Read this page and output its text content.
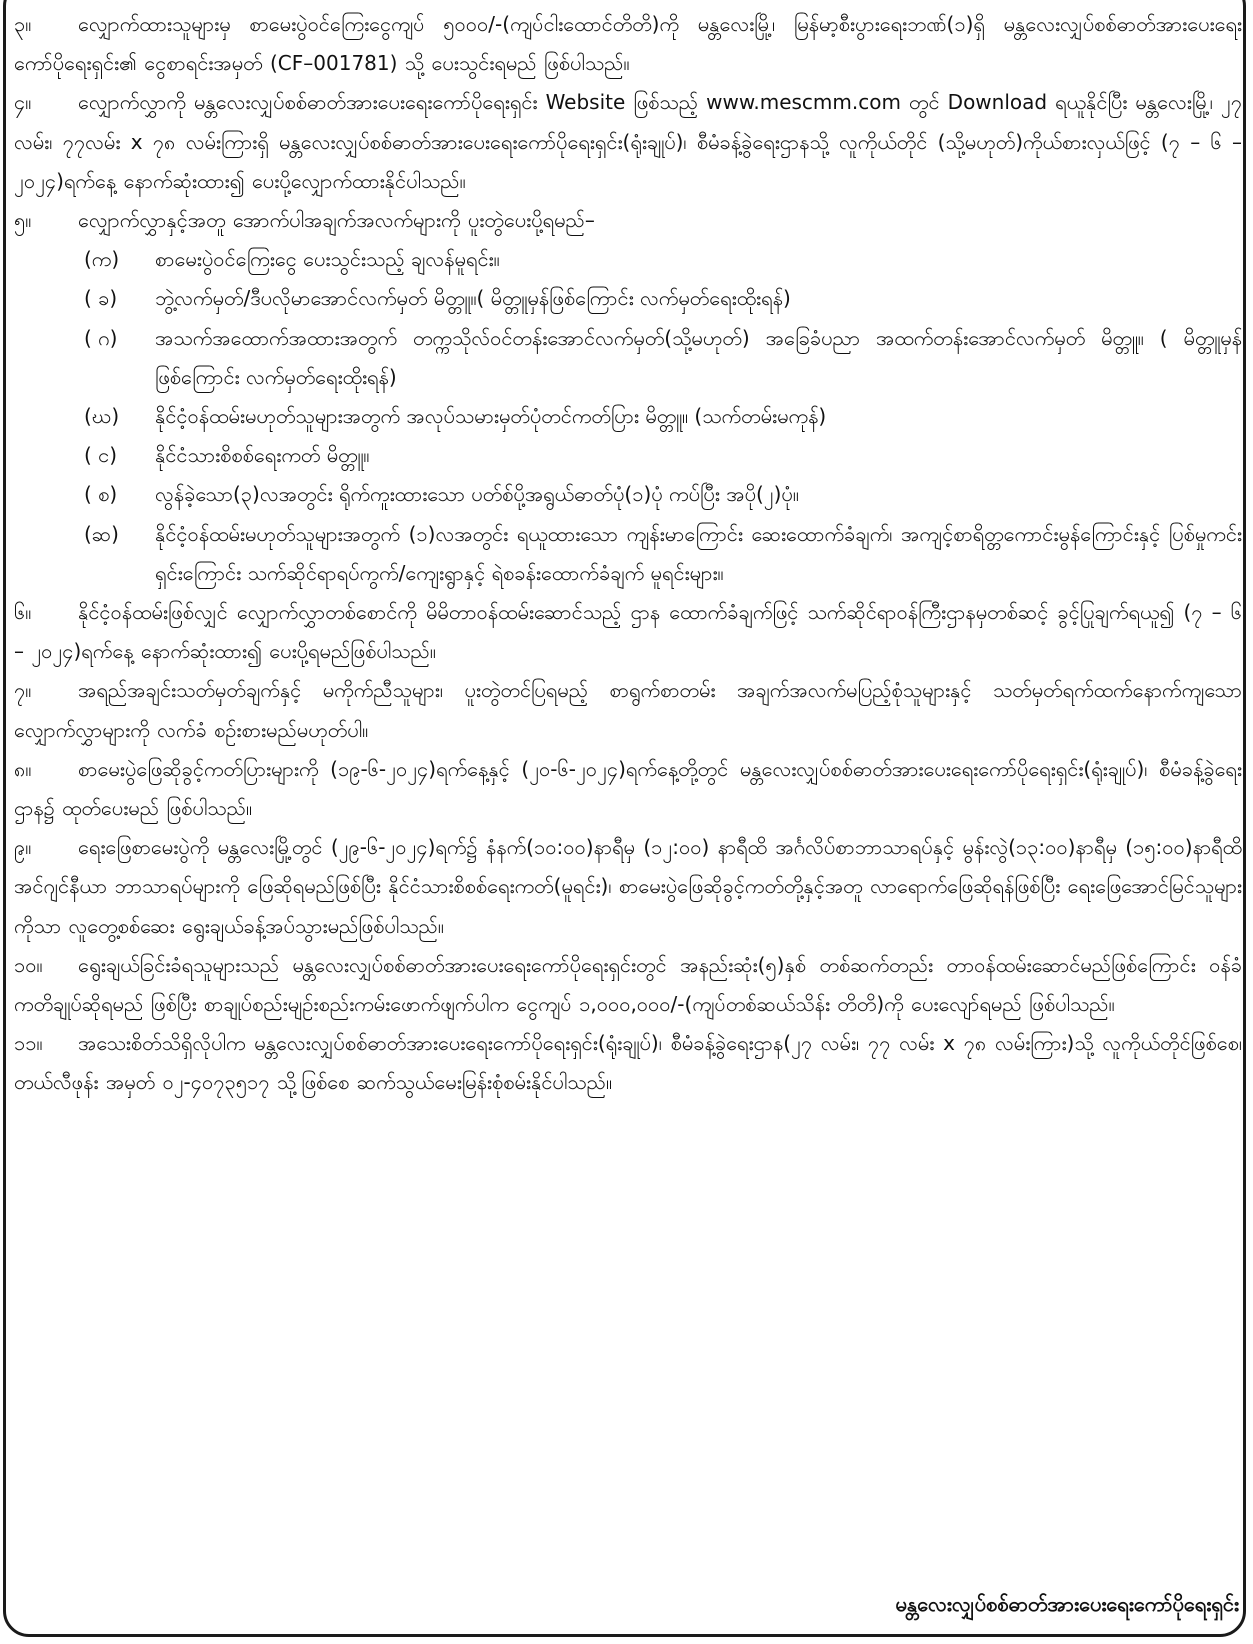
၃။ လျှောက်ထားသူများမှ စာမေးပွဲဝင်ကြေးငွေကျပ် ၅၀၀၀/-(ကျပ်ငါးထောင်တိတိ)ကို မန္တလေးမြို့၊ မြန်မာ့စီးပွားရေးဘဏ်(၁)ရှိ မန္တလေးလျှပ်စစ်ဓာတ်အားပေးရေးကော်ပိုရေးရှင်း၏ ငွေစာရင်းအမှတ် (CF–001781) သို့ ပေးသွင်းရမည် ဖြစ်ပါသည်။

၄။ လျှောက်လွှာကို မန္တလေးလျှပ်စစ်ဓာတ်အားပေးရေးကော်ပိုရေးရှင်း Website ဖြစ်သည့် www.mescmm.com တွင် Download ရယူနိုင်ပြီး မန္တလေးမြို့၊ ၂၇ လမ်း၊ ၇၇လမ်း x ၇၈ လမ်းကြားရှိ မန္တလေးလျှပ်စစ်ဓာတ်အားပေးရေးကော်ပိုရေးရှင်း(ရုံးချုပ်)၊ စီမံခန့်ခွဲရေးဌာနသို့ လူကိုယ်တိုင် (သို့မဟုတ်)ကိုယ်စားလှယ်ဖြင့် (၇ – ၆ – ၂၀၂၄)ရက်နေ့ နောက်ဆုံးထား၍ ပေးပို့လျှောက်ထားနိုင်ပါသည်။

၅။ လျှောက်လွှာနှင့်အတူ အောက်ပါအချက်အလက်များကို ပူးတွဲပေးပို့ရမည်–

(က) စာမေးပွဲဝင်ကြေးငွေ ပေးသွင်းသည့် ချလန်မူရင်း။

( ခ) ဘွဲ့လက်မှတ်/ဒီပလိုမာအောင်လက်မှတ် မိတ္တူ။( မိတ္တူမှန်ဖြစ်ကြောင်း လက်မှတ်ရေးထိုးရန်)

( ဂ) အသက်အထောက်အထားအတွက် တက္ကသိုလ်ဝင်တန်းအောင်လက်မှတ်(သို့မဟုတ်) အခြေခံပညာ အထက်တန်းအောင်လက်မှတ် မိတ္တူ။ ( မိတ္တူမှန်ဖြစ်ကြောင်း လက်မှတ်ရေးထိုးရန်)

(ဃ) နိုင်ငံ့ဝန်ထမ်းမဟုတ်သူများအတွက် အလုပ်သမားမှတ်ပုံတင်ကတ်ပြား မိတ္တူ။ (သက်တမ်းမကုန်)

( င) နိုင်ငံသားစိစစ်ရေးကတ် မိတ္တူ။

( စ) လွန်ခဲ့သော(၃)လအတွင်း ရိုက်ကူးထားသော ပတ်စ်ပို့အရွယ်ဓာတ်ပုံ(၁)ပုံ ကပ်ပြီး အပို(၂)ပုံ။

(ဆ) နိုင်ငံ့ဝန်ထမ်းမဟုတ်သူများအတွက် (၁)လအတွင်း ရယူထားသော ကျန်းမာကြောင်း ဆေးထောက်ခံချက်၊ အကျင့်စာရိတ္တကောင်းမွန်ကြောင်းနှင့် ပြစ်မှုကင်းရှင်းကြောင်း သက်ဆိုင်ရာရပ်ကွက်/ကျေးရွာနှင့် ရဲစခန်းထောက်ခံချက် မူရင်းများ။

၆။ နိုင်ငံ့ဝန်ထမ်းဖြစ်လျှင် လျှောက်လွှာတစ်စောင်ကို မိမိတာဝန်ထမ်းဆောင်သည့် ဌာန ထောက်ခံချက်ဖြင့် သက်ဆိုင်ရာဝန်ကြီးဌာနမှတစ်ဆင့် ခွင့်ပြုချက်ရယူ၍ (၇ – ၆ – ၂၀၂၄)ရက်နေ့ နောက်ဆုံးထား၍ ပေးပို့ရမည်ဖြစ်ပါသည်။

၇။ အရည်အချင်းသတ်မှတ်ချက်နှင့် မကိုက်ညီသူများ၊ ပူးတွဲတင်ပြရမည့် စာရွက်စာတမ်း အချက်အလက်မပြည့်စုံသူများနှင့် သတ်မှတ်ရက်ထက်နောက်ကျသော လျှောက်လွှာများကို လက်ခံ စဉ်းစားမည်မဟုတ်ပါ။

၈။ စာမေးပွဲဖြေဆိုခွင့်ကတ်ပြားများကို (၁၉-၆-၂၀၂၄)ရက်နေ့နှင့် (၂၀-၆-၂၀၂၄)ရက်နေ့တို့တွင် မန္တလေးလျှပ်စစ်ဓာတ်အားပေးရေးကော်ပိုရေးရှင်း(ရုံးချုပ်)၊ စီမံခန့်ခွဲရေးဌာန၌ ထုတ်ပေးမည် ဖြစ်ပါသည်။

၉။ ရေးဖြေစာမေးပွဲကို မန္တလေးမြို့တွင် (၂၉-၆-၂၀၂၄)ရက်၌ နံနက်(၁၀:၀၀)နာရီမှ (၁၂:၀၀) နာရီထိ အင်္ဂလိပ်စာဘာသာရပ်နှင့် မွန်းလွဲ(၁၃:၀၀)နာရီမှ (၁၅:၀၀)နာရီထိ အင်ဂျင်နီယာ ဘာသာရပ်များကို ဖြေဆိုရမည်ဖြစ်ပြီး နိုင်ငံသားစိစစ်ရေးကတ်(မူရင်း)၊ စာမေးပွဲဖြေဆိုခွင့်ကတ်တို့နှင့်အတူ လာရောက်ဖြေဆိုရန်ဖြစ်ပြီး ရေးဖြေအောင်မြင်သူများကိုသာ လူတွေ့စစ်ဆေး ရွေးချယ်ခန့်အပ်သွားမည်ဖြစ်ပါသည်။

၁၀။ ရွေးချယ်ခြင်းခံရသူများသည် မန္တလေးလျှပ်စစ်ဓာတ်အားပေးရေးကော်ပိုရေးရှင်းတွင် အနည်းဆုံး(၅)နှစ် တစ်ဆက်တည်း တာဝန်ထမ်းဆောင်မည်ဖြစ်ကြောင်း ဝန်ခံကတိချုပ်ဆိုရမည် ဖြစ်ပြီး စာချုပ်စည်းမျဉ်းစည်းကမ်းဖောက်ဖျက်ပါက ငွေကျပ် ၁,၀၀၀,၀၀၀/-(ကျပ်တစ်ဆယ်သိန်း တိတိ)ကို ပေးလျော်ရမည် ဖြစ်ပါသည်။

၁၁။ အသေးစိတ်သိရှိလိုပါက မန္တလေးလျှပ်စစ်ဓာတ်အားပေးရေးကော်ပိုရေးရှင်း(ရုံးချုပ်)၊ စီမံခန့်ခွဲရေးဌာန(၂၇ လမ်း၊ ၇၇ လမ်း x ၇၈ လမ်းကြား)သို့ လူကိုယ်တိုင်ဖြစ်စေ၊ တယ်လီဖုန်း အမှတ် ၀၂-၄၀၇၃၅၁၇ သို့ဖြစ်စေ ဆက်သွယ်မေးမြန်းစုံစမ်းနိုင်ပါသည်။

မန္တလေးလျှပ်စစ်ဓာတ်အားပေးရေးကော်ပိုရေးရှင်း
